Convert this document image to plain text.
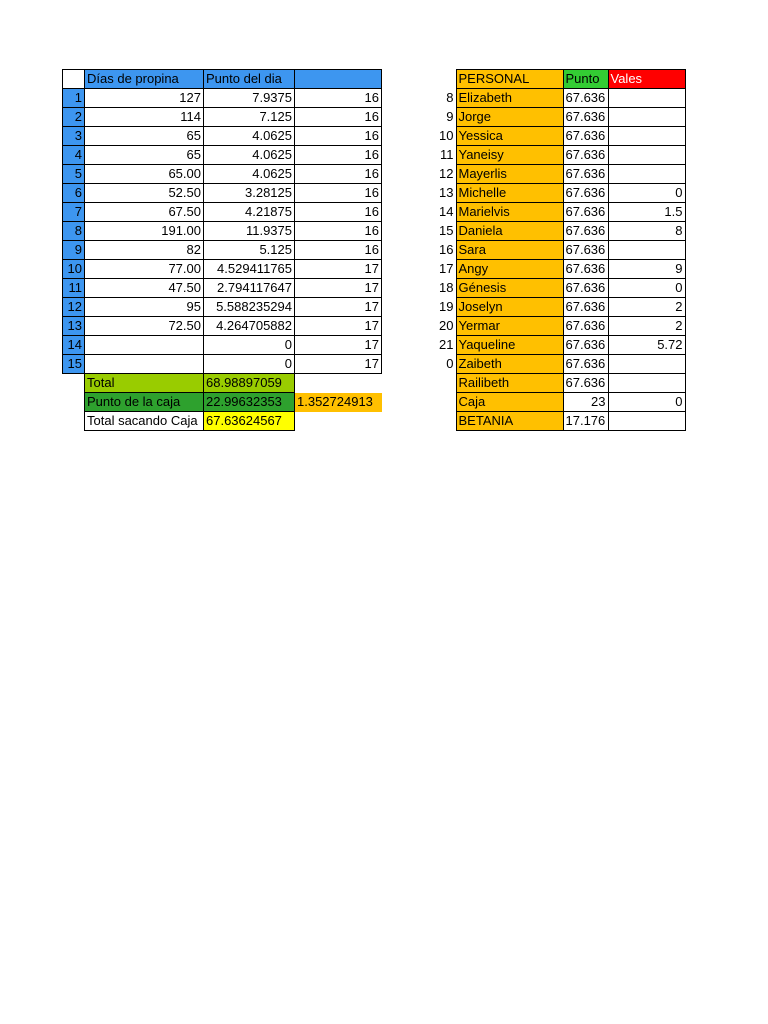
	Días de propina	Punto del dia	
1	127	7.9375	16
2	114	7.125	16
3	65	4.0625	16
4	65	4.0625	16
5	65.00	4.0625	16
6	52.50	3.28125	16
7	67.50	4.21875	16
8	191.00	11.9375	16
9	82	5.125	16
10	77.00	4.529411765	17
11	47.50	2.794117647	17
12	95	5.588235294	17
13	72.50	4.264705882	17
14		0	17
15		0	17
	Total	68.98897059	
	Punto de la caja	22.99632353	1.352724913
	Total sacando Caja	67.63624567	
	PERSONAL	Punto	Vales
8	Elizabeth	67.636	
9	Jorge	67.636	
10	Yessica	67.636	
11	Yaneisy	67.636	
12	Mayerlis	67.636	
13	Michelle	67.636	0
14	Marielvis	67.636	1.5
15	Daniela	67.636	8
16	Sara	67.636	
17	Angy	67.636	9
18	Génesis	67.636	0
19	Joselyn	67.636	2
20	Yermar	67.636	2
21	Yaqueline	67.636	5.72
0	Zaibeth	67.636	
	Railibeth	67.636	
	Caja	23	0
	BETANIA	17.176	
